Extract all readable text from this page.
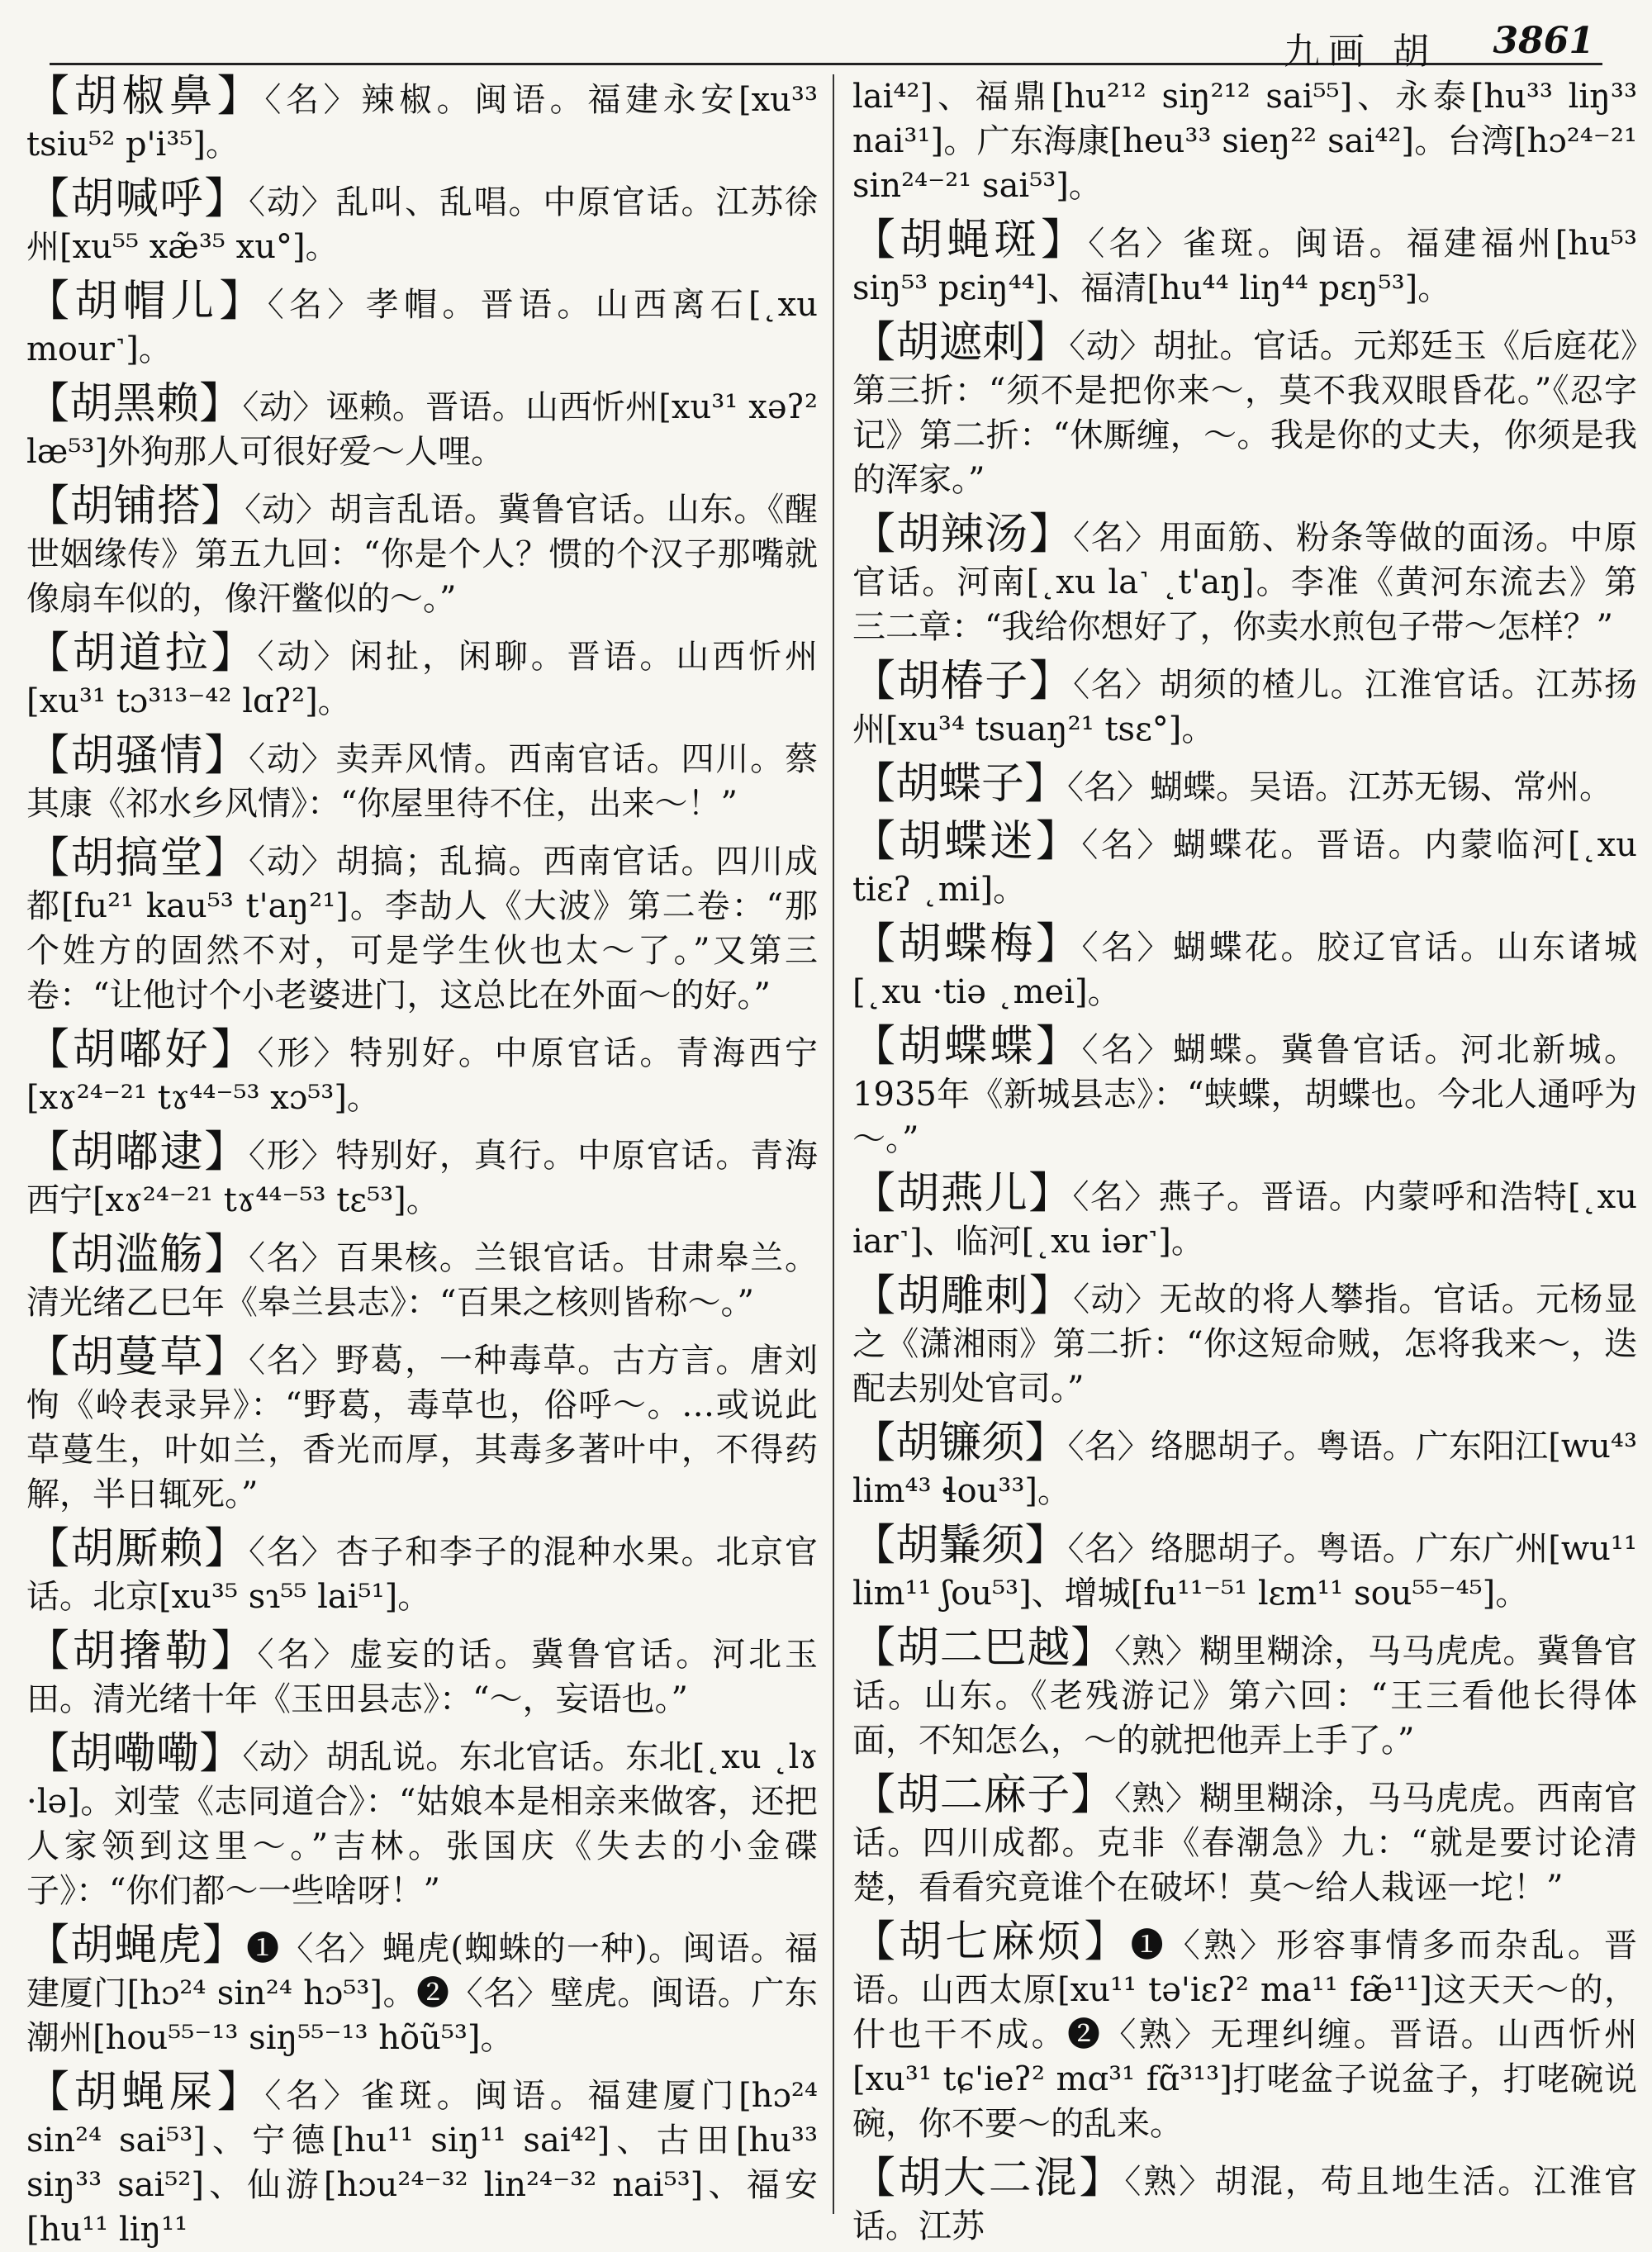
九画 胡 3861

【胡椒鼻】〈名〉辣椒。闽语。福建永安[xu³³ tsiu⁵² p'i³⁵]。

【胡喊呼】〈动〉乱叫、乱唱。中原官话。江苏徐州[xu⁵⁵ xæ̃³⁵ xu°]。

【胡帽儿】〈名〉孝帽。晋语。山西离石[˛xu mour˺]。

【胡黑赖】〈动〉诬赖。晋语。山西忻州[xu³¹ xəʔ² læ⁵³]外狗那人可很好爱～人哩。

【胡铺搭】〈动〉胡言乱语。冀鲁官话。山东。《醒世姻缘传》第五九回：“你是个人？惯的个汉子那嘴就像扇车似的，像汗鳖似的～。”

【胡道拉】〈动〉闲扯，闲聊。晋语。山西忻州[xu³¹ tɔ³¹³⁻⁴² lɑʔ²]。

【胡骚情】〈动〉卖弄风情。西南官话。四川。蔡其康《祁水乡风情》：“你屋里待不住，出来～！”

【胡搞堂】〈动〉胡搞；乱搞。西南官话。四川成都[fu²¹ kau⁵³ t'aŋ²¹]。李劼人《大波》第二卷：“那个姓方的固然不对，可是学生伙也太～了。”又第三卷：“让他讨个小老婆进门，这总比在外面～的好。”

【胡嘟好】〈形〉特别好。中原官话。青海西宁[xɤ²⁴⁻²¹ tɤ⁴⁴⁻⁵³ xɔ⁵³]。

【胡嘟逮】〈形〉特别好，真行。中原官话。青海西宁[xɤ²⁴⁻²¹ tɤ⁴⁴⁻⁵³ tɛ⁵³]。

【胡滥觞】〈名〉百果核。兰银官话。甘肃皋兰。清光绪乙巳年《皋兰县志》：“百果之核则皆称～。”

【胡蔓草】〈名〉野葛，一种毒草。古方言。唐刘恂《岭表录异》：“野葛，毒草也，俗呼～。…或说此草蔓生，叶如兰，香光而厚，其毒多著叶中，不得药解，半日辄死。”

【胡厮赖】〈名〉杏子和李子的混种水果。北京官话。北京[xu³⁵ sɿ⁵⁵ lai⁵¹]。

【胡撦勒】〈名〉虚妄的话。冀鲁官话。河北玉田。清光绪十年《玉田县志》：“～，妄语也。”

【胡嘞嘞】〈动〉胡乱说。东北官话。东北[˛xu ˛lɤ ·lə]。刘莹《志同道合》：“姑娘本是相亲来做客，还把人家领到这里～。”吉林。张国庆《失去的小金碟子》：“你们都～一些啥呀！”

【胡蝇虎】❶〈名〉蝇虎(蜘蛛的一种)。闽语。福建厦门[hɔ²⁴ sin²⁴ hɔ⁵³]。❷〈名〉壁虎。闽语。广东潮州[hou⁵⁵⁻¹³ siŋ⁵⁵⁻¹³ hõũ⁵³]。

【胡蝇屎】〈名〉雀斑。闽语。福建厦门[hɔ²⁴ sin²⁴ sai⁵³]、宁德[hu¹¹ siŋ¹¹ sai⁴²]、古田[hu³³ siŋ³³ sai⁵²]、仙游[hɔu²⁴⁻³² lin²⁴⁻³² nai⁵³]、福安[hu¹¹ liŋ¹¹

lai⁴²]、福鼎[hu²¹² siŋ²¹² sai⁵⁵]、永泰[hu³³ liŋ³³ nai³¹]。广东海康[heu³³ sieŋ²² sai⁴²]。台湾[hɔ²⁴⁻²¹ sin²⁴⁻²¹ sai⁵³]。

【胡蝇斑】〈名〉雀斑。闽语。福建福州[hu⁵³ siŋ⁵³ pɛiŋ⁴⁴]、福清[hu⁴⁴ liŋ⁴⁴ pɛŋ⁵³]。

【胡遮刺】〈动〉胡扯。官话。元郑廷玉《后庭花》第三折：“须不是把你来～，莫不我双眼昏花。”《忍字记》第二折：“休厮缠，～。我是你的丈夫，你须是我的浑家。”

【胡辣汤】〈名〉用面筋、粉条等做的面汤。中原官话。河南[˛xu la˺ ˛t'aŋ]。李准《黄河东流去》第三二章：“我给你想好了，你卖水煎包子带～怎样？”

【胡椿子】〈名〉胡须的楂儿。江淮官话。江苏扬州[xu³⁴ tsuaŋ²¹ tsɛ°]。

【胡蝶子】〈名〉蝴蝶。吴语。江苏无锡、常州。

【胡蝶迷】〈名〉蝴蝶花。晋语。内蒙临河[˛xu tiɛʔ ˛mi]。

【胡蝶梅】〈名〉蝴蝶花。胶辽官话。山东诸城[˛xu ·tiə ˛mei]。

【胡蝶蝶】〈名〉蝴蝶。冀鲁官话。河北新城。1935年《新城县志》：“蛱蝶，胡蝶也。今北人通呼为～。”

【胡燕儿】〈名〉燕子。晋语。内蒙呼和浩特[˛xu iar˺]、临河[˛xu iər˺]。

【胡雕刺】〈动〉无故的将人攀指。官话。元杨显之《潇湘雨》第二折：“你这短命贼，怎将我来～，迭配去别处官司。”

【胡镰须】〈名〉络腮胡子。粤语。广东阳江[wu⁴³ lim⁴³ ɬou³³]。

【胡鬑须】〈名〉络腮胡子。粤语。广东广州[wu¹¹ lim¹¹ ʃou⁵³]、增城[fu¹¹⁻⁵¹ lɛm¹¹ sou⁵⁵⁻⁴⁵]。

【胡二巴越】〈熟〉糊里糊涂，马马虎虎。冀鲁官话。山东。《老残游记》第六回：“王三看他长得体面，不知怎么，～的就把他弄上手了。”

【胡二麻子】〈熟〉糊里糊涂，马马虎虎。西南官话。四川成都。克非《春潮急》九：“就是要讨论清楚，看看究竟谁个在破坏！莫～给人栽诬一坨！”

【胡七麻烦】❶〈熟〉形容事情多而杂乱。晋语。山西太原[xu¹¹ tə'iɛʔ² ma¹¹ fæ̃¹¹]这天天～的，什也干不成。❷〈熟〉无理纠缠。晋语。山西忻州[xu³¹ tɕ'ieʔ² mɑ³¹ fɑ̃³¹³]打咾盆子说盆子，打咾碗说碗，你不要～的乱来。

【胡大二混】〈熟〉胡混，苟且地生活。江淮官话。江苏
